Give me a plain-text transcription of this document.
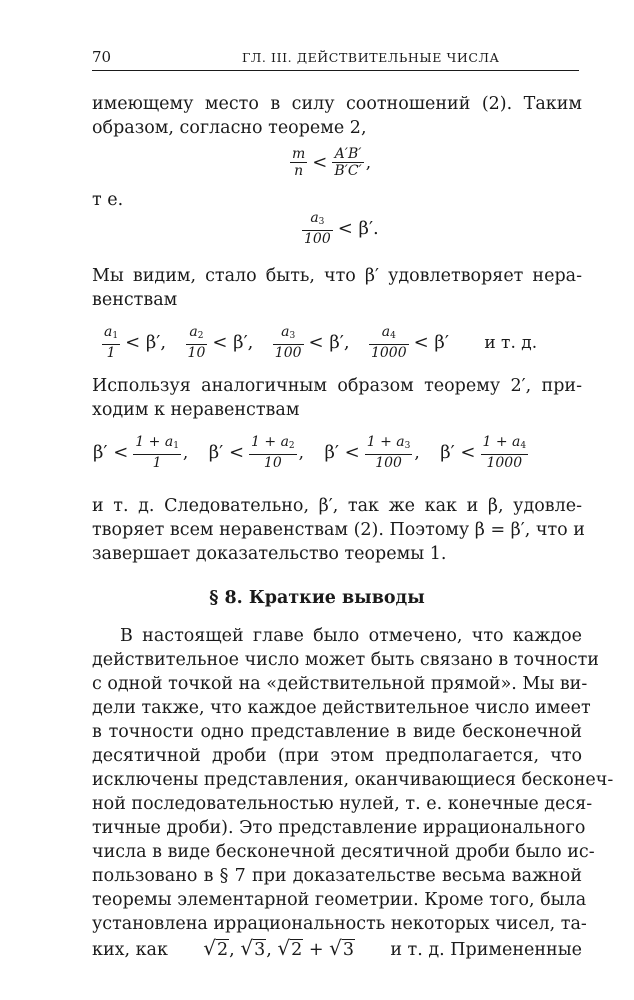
70	ГЛ. III. ДЕЙСТВИТЕЛЬНЫЕ ЧИСЛА
имеющему место в силу соотношений (2). Таким
образом, согласно теореме 2,
$\frac{m}{n} < \frac{A'B'}{B'C'}$ ,
т е.
$\frac{a_3}{100} < \beta'$.
Мы видим, стало быть, что β′ удовлетворяет нера-
венствам
$\frac{a_1}{1} < \beta'$, $\frac{a_2}{10} < \beta'$, $\frac{a_3}{100} < \beta'$, $\frac{a_4}{1000} < \beta'$ и т. д.
Используя аналогичным образом теорему 2′, при-
ходим к неравенствам
$\beta' < \frac{1 + a_1}{1}$ , $\beta' < \frac{1 + a_2}{10}$ , $\beta' < \frac{1 + a_3}{100}$ , $\beta' < \frac{1 + a_4}{1000}$
и т. д. Следовательно, β′, так же как и β, удовле-
творяет всем неравенствам (2). Поэтому β = β′, что и
завершает доказательство теоремы 1.
§ 8. Краткие выводы
В настоящей главе было отмечено, что каждое
действительное число может быть связано в точности
с одной точкой на «действительной прямой». Мы ви-
дели также, что каждое действительное число имеет
в точности одно представление в виде бесконечной
десятичной дроби (при этом предполагается, что
исключены представления, оканчивающиеся бесконеч-
ной последовательностью нулей, т. е. конечные деся-
тичные дроби). Это представление иррационального
числа в виде бесконечной десятичной дроби было ис-
пользовано в § 7 при доказательстве весьма важной
теоремы элементарной геометрии. Кроме того, была
установлена иррациональность некоторых чисел, та-
ких, как √2, √3, √2 + √3 и т. д. Примененные
